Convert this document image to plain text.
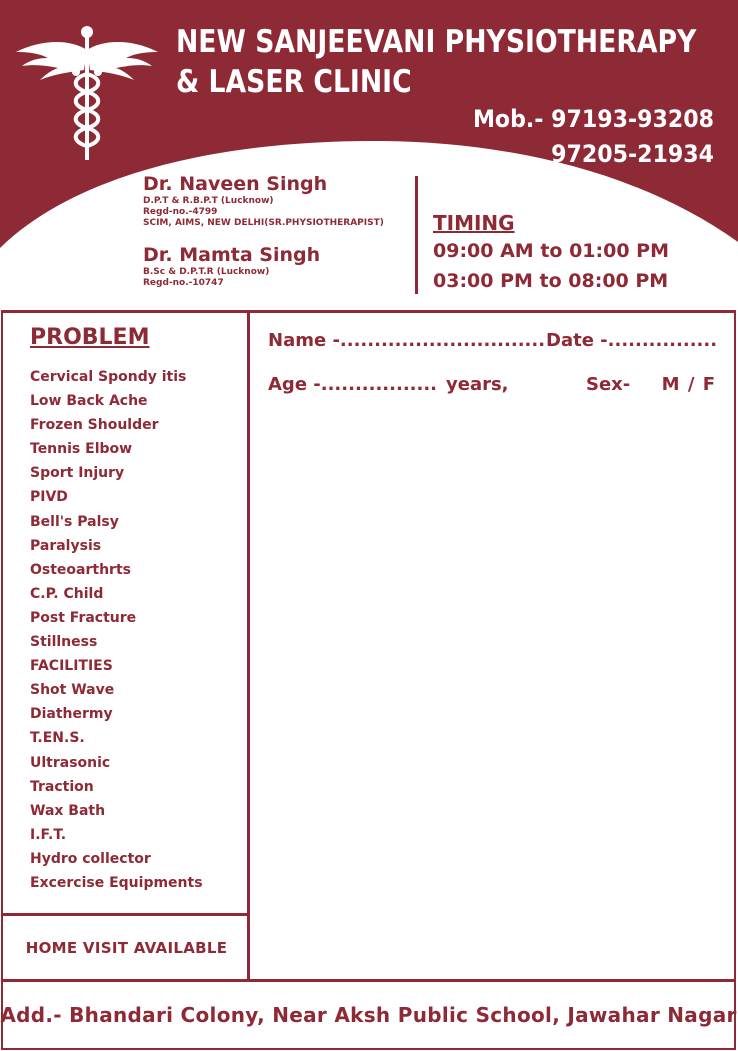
NEW SANJEEVANI PHYSIOTHERAPY
& LASER CLINIC
Mob.- 97193-93208
97205-21934
Dr. Naveen Singh
D.P.T & R.B.P.T (Lucknow)
Regd-no.-4799
SCIM, AIMS, NEW DELHI(SR.PHYSIOTHERAPIST)
Dr. Mamta Singh
B.Sc & D.P.T.R (Lucknow)
Regd-no.-10747
TIMING
09:00 AM to 01:00 PM
03:00 PM to 08:00 PM
PROBLEM
Cervical Spondy itis
Low Back Ache
Frozen Shoulder
Tennis Elbow
Sport Injury
PIVD
Bell's Palsy
Paralysis
Osteoarthrts
C.P. Child
Post Fracture
Stillness
FACILITIES
Shot Wave
Diathermy
T.EN.S.
Ultrasonic
Traction
Wax Bath
I.F.T.
Hydro collector
Excercise Equipments
HOME VISIT AVAILABLE
Name -.............................. Date -................
Age -................. years,	Sex-	M / F
Add.- Bhandari Colony, Near Aksh Public School, Jawahar Nagar
